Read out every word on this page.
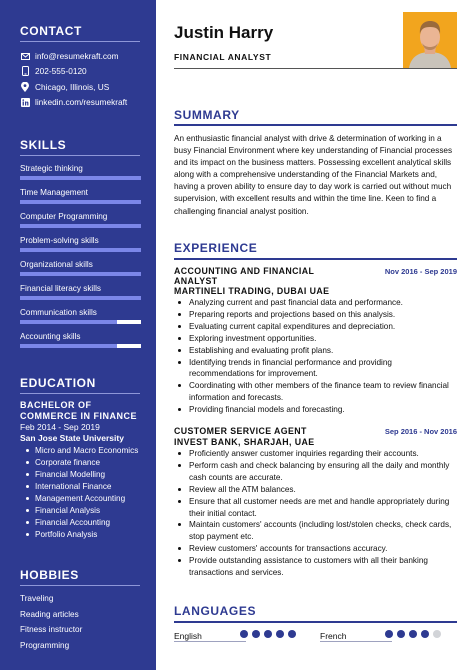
CONTACT
info@resumekraft.com
202-555-0120
Chicago, Illinois, US
linkedin.com/resumekraft
SKILLS
Strategic thinking
Time Management
Computer Programming
Problem-solving skills
Organizational skills
Financial literacy skills
Communication skills
Accounting skills
EDUCATION
BACHELOR OF COMMERCE IN FINANCE
Feb 2014 - Sep 2019
San Jose State University
Micro and Macro Economics
Corporate finance
Financial Modelling
International Finance
Management Accounting
Financial Analysis
Financial Accounting
Portfolio Analysis
HOBBIES
Traveling
Reading articles
Fitness instructor
Programming
Justin Harry
FINANCIAL ANALYST
SUMMARY
An enthusiastic financial analyst with drive & determination of working in a busy Financial Environment where key understanding of Financial processes and its impact on the business matters. Possessing excellent analytical skills along with a comprehensive understanding of the Financial Markets and, having a proven ability to ensure day to day work is carried out without much supervision, with excellent results and within the time line. Keen to find a challenging financial analyst position.
EXPERIENCE
ACCOUNTING AND FINANCIAL ANALYST
Nov 2016 - Sep 2019
MARTINELI TRADING, DUBAI UAE
Analyzing current and past financial data and performance.
Preparing reports and projections based on this analysis.
Evaluating current capital expenditures and depreciation.
Exploring investment opportunities.
Establishing and evaluating profit plans.
Identifying trends in financial performance and providing recommendations for improvement.
Coordinating with other members of the finance team to review financial information and forecasts.
Providing financial models and forecasting.
CUSTOMER SERVICE AGENT	Sep 2016 - Nov 2016
INVEST BANK, SHARJAH, UAE
Proficiently answer customer inquiries regarding their accounts.
Perform cash and check balancing by ensuring all the daily and monthly cash counts are accurate.
Review all the ATM balances.
Ensure that all customer needs are met and handle appropriately during their initial contact.
Maintain customers' accounts (including lost/stolen checks, check cards, stop payment etc.
Review customers' accounts for transactions accuracy.
Provide outstanding assistance to customers with all their banking transactions and services.
LANGUAGES
English	French
